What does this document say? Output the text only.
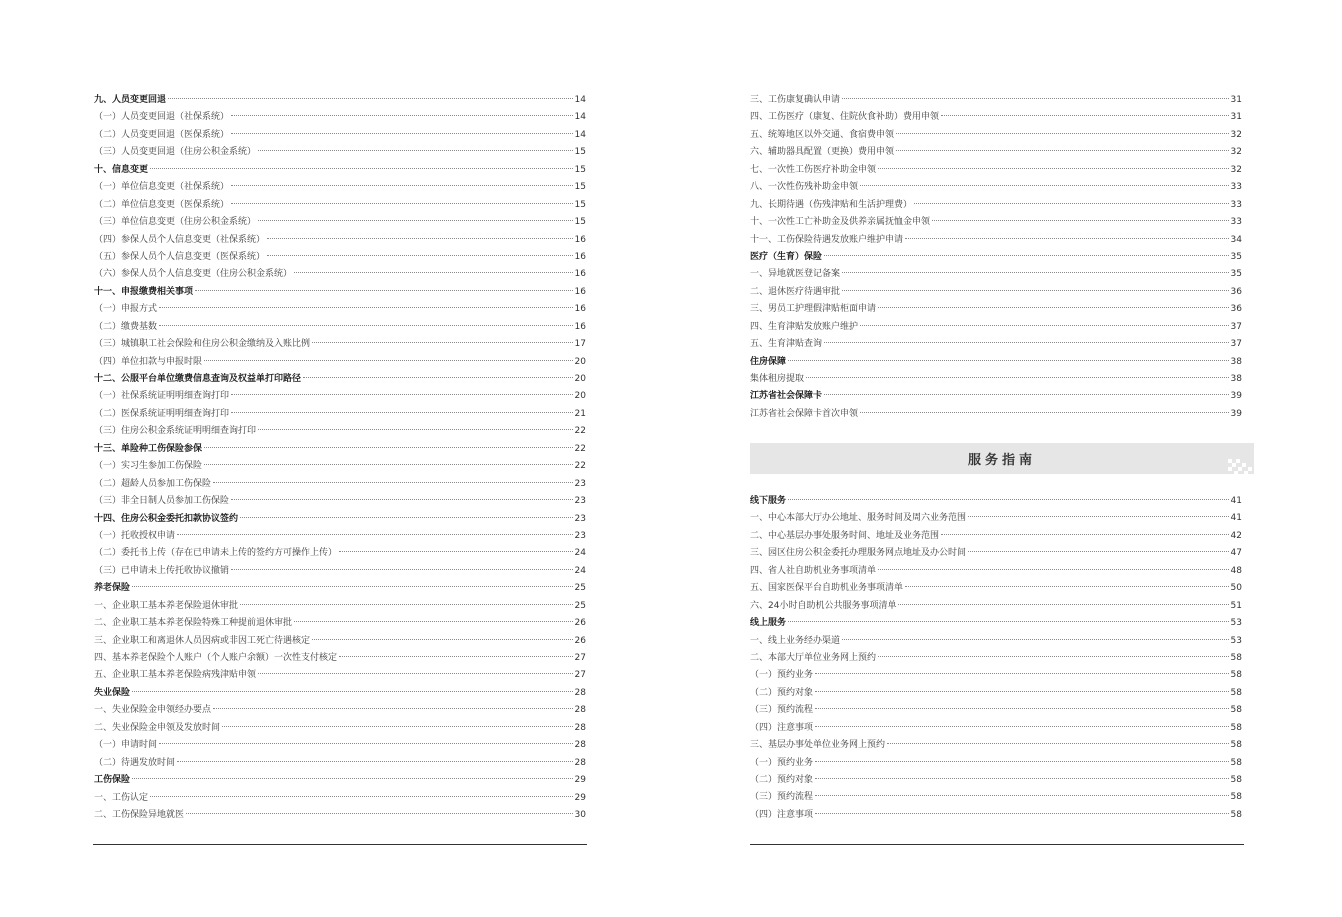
九、人员变更回退	14
（一）人员变更回退（社保系统）	14
（二）人员变更回退（医保系统）	14
（三）人员变更回退（住房公积金系统）	15
十、信息变更	15
（一）单位信息变更（社保系统）	15
（二）单位信息变更（医保系统）	15
（三）单位信息变更（住房公积金系统）	15
（四）参保人员个人信息变更（社保系统）	16
（五）参保人员个人信息变更（医保系统）	16
（六）参保人员个人信息变更（住房公积金系统）	16
十一、申报缴费相关事项	16
（一）申报方式	16
（二）缴费基数	16
（三）城镇职工社会保险和住房公积金缴纳及入账比例	17
（四）单位扣款与申报时限	20
十二、公服平台单位缴费信息查询及权益单打印路径	20
（一）社保系统证明明细查询打印	20
（二）医保系统证明明细查询打印	21
（三）住房公积金系统证明明细查询打印	22
十三、单险种工伤保险参保	22
（一）实习生参加工伤保险	22
（二）超龄人员参加工伤保险	23
（三）非全日制人员参加工伤保险	23
十四、住房公积金委托扣款协议签约	23
（一）托收授权申请	23
（二）委托书上传（存在已申请未上传的签约方可操作上传）	24
（三）已申请未上传托收协议撤销	24
养老保险	25
一、企业职工基本养老保险退休审批	25
二、企业职工基本养老保险特殊工种提前退休审批	26
三、企业职工和离退休人员因病或非因工死亡待遇核定	26
四、基本养老保险个人账户（个人账户余额）一次性支付核定	27
五、企业职工基本养老保险病残津贴申领	27
失业保险	28
一、失业保险金申领经办要点	28
二、失业保险金申领及发放时间	28
（一）申请时间	28
（二）待遇发放时间	28
工伤保险	29
一、工伤认定	29
二、工伤保险异地就医	30
三、工伤康复确认申请	31
四、工伤医疗（康复、住院伙食补助）费用申领	31
五、统筹地区以外交通、食宿费申领	32
六、辅助器具配置（更换）费用申领	32
七、一次性工伤医疗补助金申领	32
八、一次性伤残补助金申领	33
九、长期待遇（伤残津贴和生活护理费）	33
十、一次性工亡补助金及供养亲属抚恤金申领	33
十一、工伤保险待遇发放账户维护申请	34
医疗（生育）保险	35
一、异地就医登记备案	35
二、退休医疗待遇审批	36
三、男员工护理假津贴柜面申请	36
四、生育津贴发放账户维护	37
五、生育津贴查询	37
住房保障	38
集体租房提取	38
江苏省社会保障卡	39
江苏省社会保障卡首次申领	39
服务指南
线下服务	41
一、中心本部大厅办公地址、服务时间及周六业务范围	41
二、中心基层办事处服务时间、地址及业务范围	42
三、园区住房公积金委托办理服务网点地址及办公时间	47
四、省人社自助机业务事项清单	48
五、国家医保平台自助机业务事项清单	50
六、24小时自助机公共服务事项清单	51
线上服务	53
一、线上业务经办渠道	53
二、本部大厅单位业务网上预约	58
（一）预约业务	58
（二）预约对象	58
（三）预约流程	58
（四）注意事项	58
三、基层办事处单位业务网上预约	58
（一）预约业务	58
（二）预约对象	58
（三）预约流程	58
（四）注意事项	58
